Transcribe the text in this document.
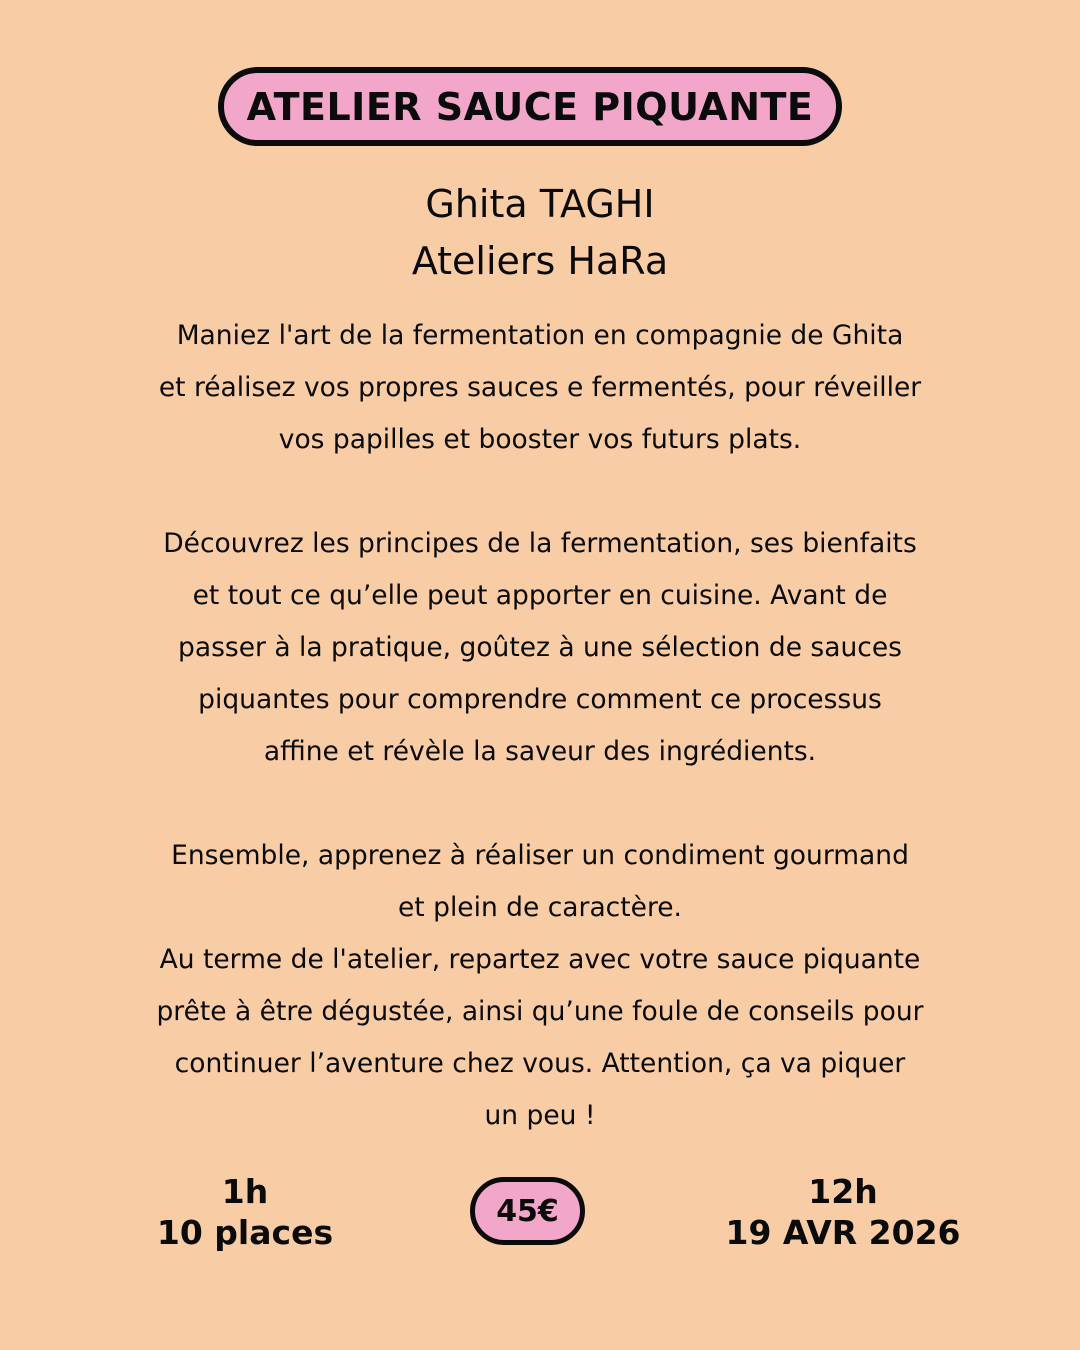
ATELIER SAUCE PIQUANTE
Ghita TAGHI
Ateliers HaRa
Maniez l'art de la fermentation en compagnie de Ghita
et réalisez vos propres sauces e fermentés, pour réveiller
vos papilles et booster vos futurs plats.
Découvrez les principes de la fermentation, ses bienfaits
et tout ce qu’elle peut apporter en cuisine. Avant de
passer à la pratique, goûtez à une sélection de sauces
piquantes pour comprendre comment ce processus
affine et révèle la saveur des ingrédients.
Ensemble, apprenez à réaliser un condiment gourmand
et plein de caractère.
Au terme de l'atelier, repartez avec votre sauce piquante
prête à être dégustée, ainsi qu’une foule de conseils pour
continuer l’aventure chez vous. Attention, ça va piquer
un peu !
1h
10 places
45€	12h
19 AVR 2026
